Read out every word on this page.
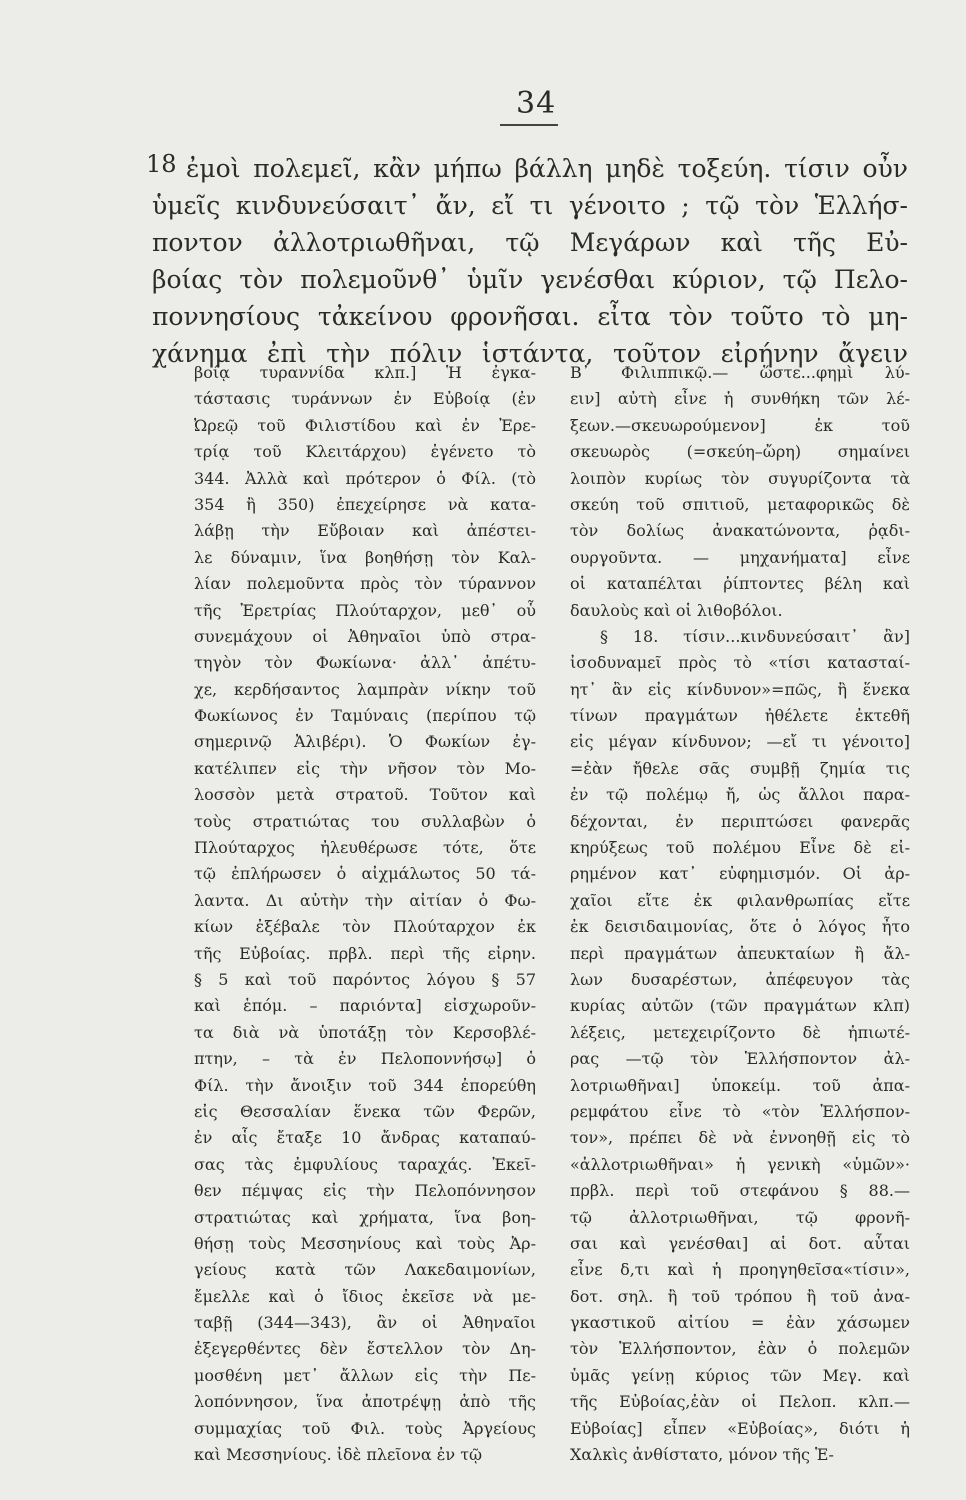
34
18 ἐμοὶ πολεμεῖ, κἂν μήπω βάλλη μηδὲ τοξεύη. τίσιν οὖν
ὑμεῖς κινδυνεύσαιτ᾽ ἄν, εἴ τι γένοιτο ; τῷ τὸν Ἑλλήσ-
ποντον ἀλλοτριωθῆναι, τῷ Μεγάρων καὶ τῆς Εὐ-
βοίας τὸν πολεμοῦνθ᾽ ὑμῖν γενέσθαι κύριον, τῷ Πελο-
ποννησίους τἀκείνου φρονῆσαι. εἶτα τὸν τοῦτο τὸ μη-
χάνημα ἐπὶ τὴν πόλιν ἱστάντα, τοῦτον εἰρήνην ἄγειν
βοίᾳ τυραννίδα κλπ.] Ἡ ἐγκα-
τάστασις τυράννων ἐν Εὐβοίᾳ (ἐν
Ὠρεῷ τοῦ Φιλιστίδου καὶ ἐν Ἐρε-
τρίᾳ τοῦ Κλειτάρχου) ἐγένετο τὸ
344. Ἀλλὰ καὶ πρότερον ὁ Φίλ. (τὸ
354 ἢ 350) ἐπεχείρησε νὰ κατα-
λάβῃ τὴν Εὔβοιαν καὶ ἀπέστει-
λε δύναμιν, ἵνα βοηθήσῃ τὸν Καλ-
λίαν πολεμοῦντα πρὸς τὸν τύραννον
τῆς Ἐρετρίας Πλούταρχον, μεθ᾽ οὗ
συνεμάχουν οἱ Ἀθηναῖοι ὑπὸ στρα-
τηγὸν τὸν Φωκίωνα· ἀλλ᾽ ἀπέτυ-
χε, κερδήσαντος λαμπρὰν νίκην τοῦ
Φωκίωνος ἐν Ταμύναις (περίπου τῷ
σημερινῷ Ἀλιβέρι). Ὁ Φωκίων ἐγ-
κατέλιπεν εἰς τὴν νῆσον τὸν Μο-
λοσσὸν μετὰ στρατοῦ. Τοῦτον καὶ
τοὺς στρατιώτας του συλλαβὼν ὁ
Πλούταρχος ἠλευθέρωσε τότε, ὅτε
τῷ ἐπλήρωσεν ὁ αἰχμάλωτος 50 τά-
λαντα. Δι αὐτὴν τὴν αἰτίαν ὁ Φω-
κίων ἐξέβαλε τὸν Πλούταρχον ἐκ
τῆς Εὐβοίας. πρβλ. περὶ τῆς εἰρην.
§ 5 καὶ τοῦ παρόντος λόγου § 57
καὶ ἑπόμ. – παριόντα] εἰσχωροῦν-
τα διὰ νὰ ὑποτάξῃ τὸν Κερσοβλέ-
πτην, – τὰ ἐν Πελοποννήσῳ] ὁ
Φίλ. τὴν ἄνοιξιν τοῦ 344 ἐπορεύθη
εἰς Θεσσαλίαν ἕνεκα τῶν Φερῶν,
ἐν αἷς ἔταξε 10 ἄνδρας καταπαύ-
σας τὰς ἐμφυλίους ταραχάς. Ἐκεῖ-
θεν πέμψας εἰς τὴν Πελοπόννησον
στρατιώτας καὶ χρήματα, ἵνα βοη-
θήσῃ τοὺς Μεσσηνίους καὶ τοὺς Ἀρ-
γείους κατὰ τῶν Λακεδαιμονίων,
ἔμελλε καὶ ὁ ἴδιος ἐκεῖσε νὰ με-
ταβῇ (344—343), ἂν οἱ Ἀθηναῖοι
ἐξεγερθέντες δὲν ἔστελλον τὸν Δη-
μοσθένη μετ᾽ ἄλλων εἰς τὴν Πε-
λοπόννησον, ἵνα ἀποτρέψῃ ἀπὸ τῆς
συμμαχίας τοῦ Φιλ. τοὺς Ἀργείους
καὶ Μεσσηνίους. ἰδὲ πλεῖονα ἐν τῷ
Β᾽ Φιλιππικῷ.— ὥστε...φημὶ λύ-
ειν] αὐτὴ εἶνε ἡ συνθήκη τῶν λέ-
ξεων.—σκευωρούμενον] ἐκ τοῦ
σκευωρὸς (=σκεύη–ὤρη) σημαίνει
λοιπὸν κυρίως τὸν συγυρίζοντα τὰ
σκεύη τοῦ σπιτιοῦ, μεταφορικῶς δὲ
τὸν δολίως ἀνακατώνοντα, ῥᾳδι-
ουργοῦντα. — μηχανήματα] εἶνε
οἱ καταπέλται ῥίπτοντες βέλη καὶ
δαυλοὺς καὶ οἱ λιθοβόλοι.
§ 18. τίσιν...κινδυνεύσαιτ᾽ ἂν]
ἰσοδυναμεῖ πρὸς τὸ «τίσι κατασταί-
ητ᾽ ἂν εἰς κίνδυνον»=πῶς, ἢ ἕνεκα
τίνων πραγμάτων ἠθέλετε ἐκτεθῆ
εἰς μέγαν κίνδυνον; —εἴ τι γένοιτο]
=ἐὰν ἤθελε σᾶς συμβῇ ζημία τις
ἐν τῷ πολέμῳ ἤ, ὡς ἄλλοι παρα-
δέχονται, ἐν περιπτώσει φανερᾶς
κηρύξεως τοῦ πολέμου Εἶνε δὲ εἰ-
ρημένον κατ᾽ εὐφημισμόν. Οἱ ἀρ-
χαῖοι εἴτε ἐκ φιλανθρωπίας εἴτε
ἐκ δεισιδαιμονίας, ὅτε ὁ λόγος ἦτο
περὶ πραγμάτων ἀπευκταίων ἢ ἄλ-
λων δυσαρέστων, ἀπέφευγον τὰς
κυρίας αὐτῶν (τῶν πραγμάτων κλπ)
λέξεις, μετεχειρίζοντο δὲ ἠπιωτέ-
ρας —τῷ τὸν Ἑλλήσποντον ἀλ-
λοτριωθῆναι] ὑποκείμ. τοῦ ἀπα-
ρεμφάτου εἶνε τὸ «τὸν Ἑλλήσπον-
τον», πρέπει δὲ νὰ ἐννοηθῇ εἰς τὸ
«ἀλλοτριωθῆναι» ἡ γενικὴ «ὑμῶν»·
πρβλ. περὶ τοῦ στεφάνου § 88.—
τῷ ἀλλοτριωθῆναι, τῷ φρονῆ-
σαι καὶ γενέσθαι] αἱ δοτ. αὗται
εἶνε δ,τι καὶ ἡ προηγηθεῖσα«τίσιν»,
δοτ. σηλ. ἢ τοῦ τρόπου ἢ τοῦ ἀνα-
γκαστικοῦ αἰτίου = ἐὰν χάσωμεν
τὸν Ἑλλήσποντον, ἐὰν ὁ πολεμῶν
ὑμᾶς γείνῃ κύριος τῶν Μεγ. καὶ
τῆς Εὐβοίας,ἐὰν οἱ Πελοπ. κλπ.—
Εὐβοίας] εἶπεν «Εὐβοίας», διότι ἡ
Χαλκὶς ἀνθίστατο, μόνον τῆς Ἑ-
